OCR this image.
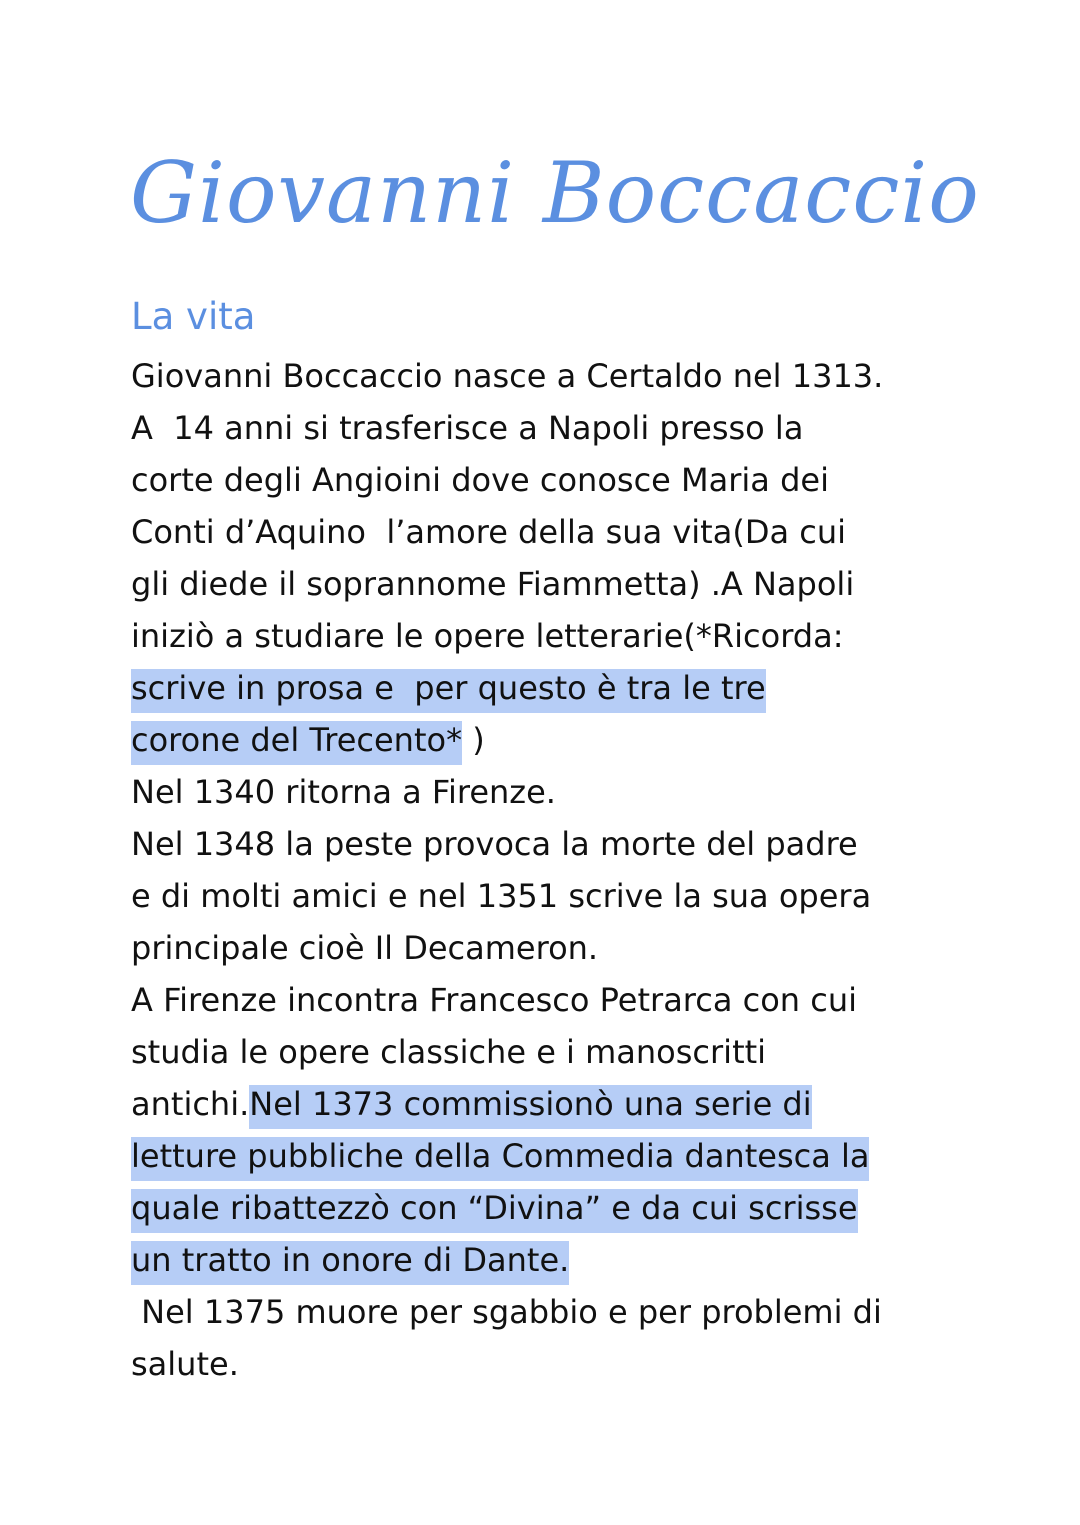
Giovanni Boccaccio
La vita
Giovanni Boccaccio nasce a Certaldo nel 1313.
A  14 anni si trasferisce a Napoli presso la
corte degli Angioini dove conosce Maria dei
Conti d’Aquino  l’amore della sua vita(Da cui
gli diede il soprannome Fiammetta) .A Napoli
iniziò a studiare le opere letterarie(*Ricorda:
scrive in prosa e  per questo è tra le tre
corone del Trecento* )
Nel 1340 ritorna a Firenze.
Nel 1348 la peste provoca la morte del padre
e di molti amici e nel 1351 scrive la sua opera
principale cioè Il Decameron.
A Firenze incontra Francesco Petrarca con cui
studia le opere classiche e i manoscritti
antichi.Nel 1373 commissionò una serie di
letture pubbliche della Commedia dantesca la
quale ribattezzò con “Divina” e da cui scrisse
un tratto in onore di Dante.
Nel 1375 muore per sgabbio e per problemi di
salute.
